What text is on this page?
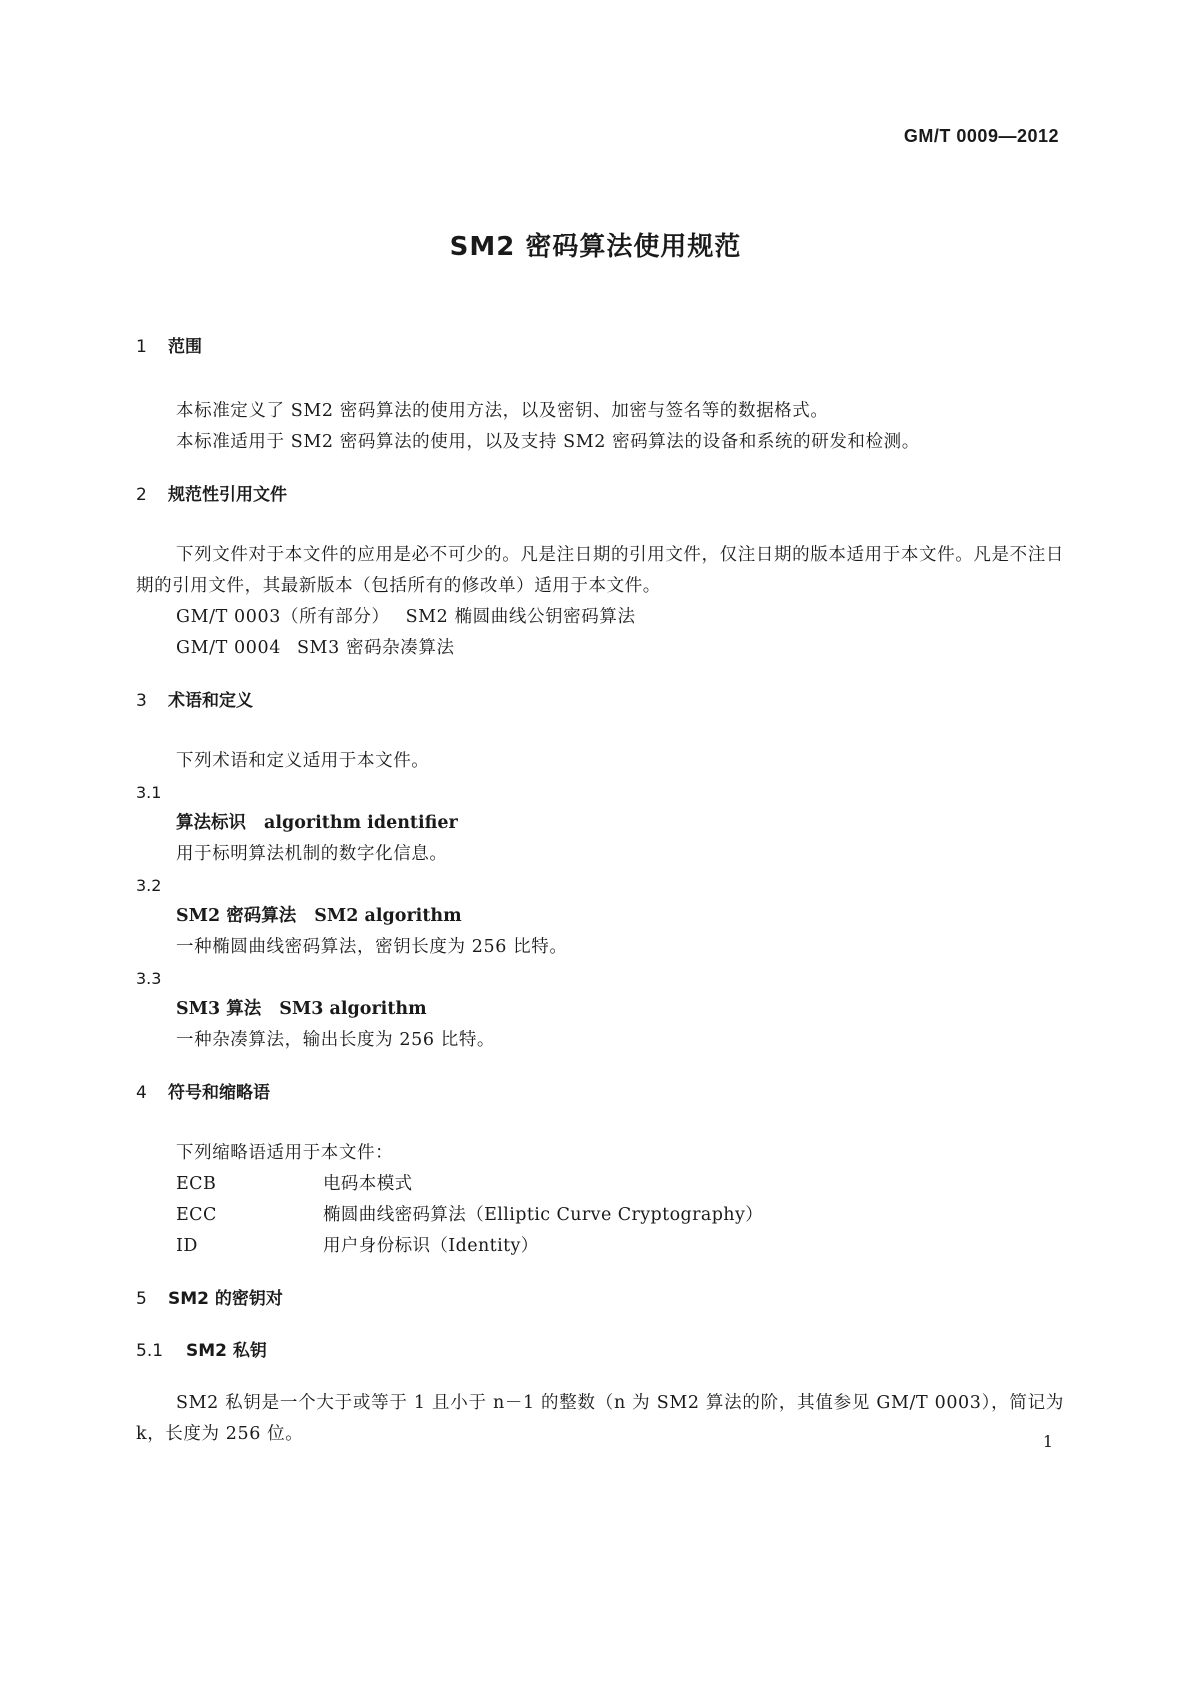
GM/T 0009—2012
SM2 密码算法使用规范
1 范围

本标准定义了 SM2 密码算法的使用方法，以及密钥、加密与签名等的数据格式。

本标准适用于 SM2 密码算法的使用，以及支持 SM2 密码算法的设备和系统的研发和检测。

2 规范性引用文件

下列文件对于本文件的应用是必不可少的。凡是注日期的引用文件，仅注日期的版本适用于本文件。凡是不注日期的引用文件，其最新版本（包括所有的修改单）适用于本文件。

GM/T 0003（所有部分） SM2 椭圆曲线公钥密码算法

GM/T 0004 SM3 密码杂凑算法

3 术语和定义

下列术语和定义适用于本文件。

3.1

算法标识 algorithm identifier

用于标明算法机制的数字化信息。

3.2

SM2 密码算法 SM2 algorithm

一种椭圆曲线密码算法，密钥长度为 256 比特。

3.3

SM3 算法 SM3 algorithm

一种杂凑算法，输出长度为 256 比特。

4 符号和缩略语

下列缩略语适用于本文件：

ECB	电码本模式
ECC	椭圆曲线密码算法（Elliptic Curve Cryptography）
ID	用户身份标识（Identity）
5 SM2 的密钥对
5.1 SM2 私钥

SM2 私钥是一个大于或等于 1 且小于 n－1 的整数（n 为 SM2 算法的阶，其值参见 GM/T 0003），简记为 k，长度为 256 位。	1
